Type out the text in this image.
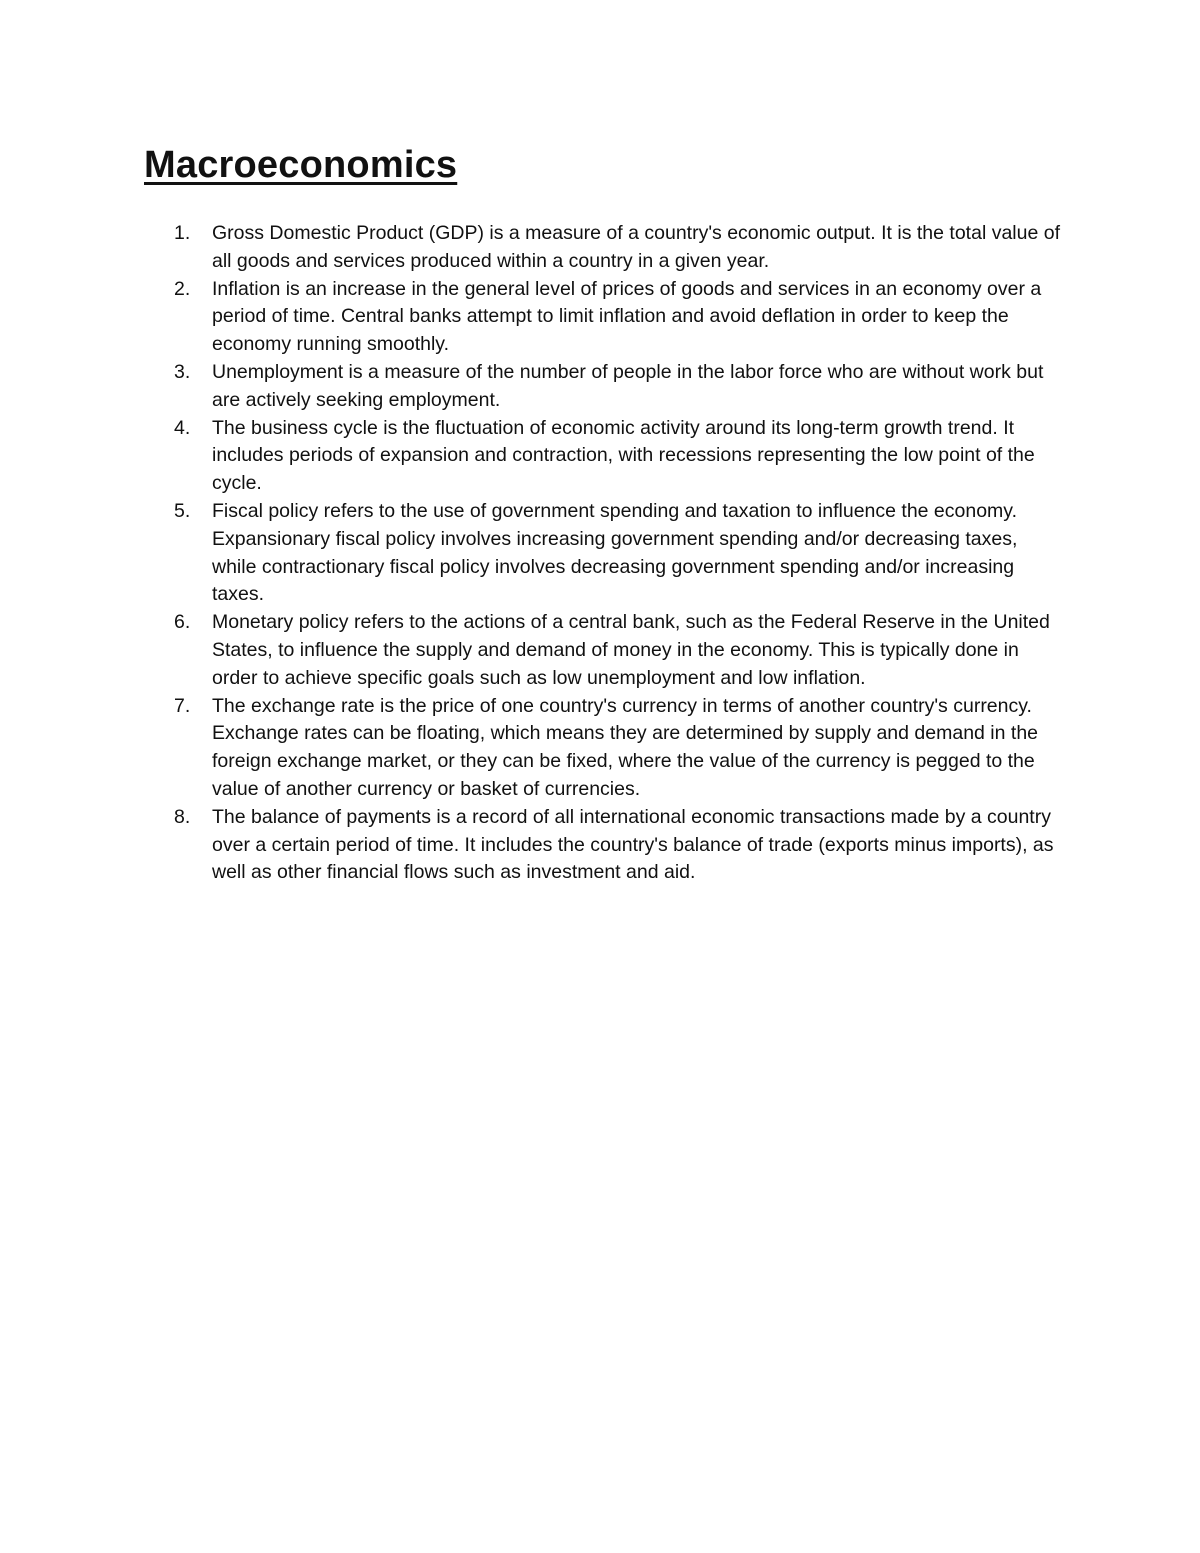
Macroeconomics
1. Gross Domestic Product (GDP) is a measure of a country's economic output. It is the total value of all goods and services produced within a country in a given year.
2. Inflation is an increase in the general level of prices of goods and services in an economy over a period of time. Central banks attempt to limit inflation and avoid deflation in order to keep the economy running smoothly.
3. Unemployment is a measure of the number of people in the labor force who are without work but are actively seeking employment.
4. The business cycle is the fluctuation of economic activity around its long-term growth trend. It includes periods of expansion and contraction, with recessions representing the low point of the cycle.
5. Fiscal policy refers to the use of government spending and taxation to influence the economy. Expansionary fiscal policy involves increasing government spending and/or decreasing taxes, while contractionary fiscal policy involves decreasing government spending and/or increasing taxes.
6. Monetary policy refers to the actions of a central bank, such as the Federal Reserve in the United States, to influence the supply and demand of money in the economy. This is typically done in order to achieve specific goals such as low unemployment and low inflation.
7. The exchange rate is the price of one country's currency in terms of another country's currency. Exchange rates can be floating, which means they are determined by supply and demand in the foreign exchange market, or they can be fixed, where the value of the currency is pegged to the value of another currency or basket of currencies.
8. The balance of payments is a record of all international economic transactions made by a country over a certain period of time. It includes the country's balance of trade (exports minus imports), as well as other financial flows such as investment and aid.
